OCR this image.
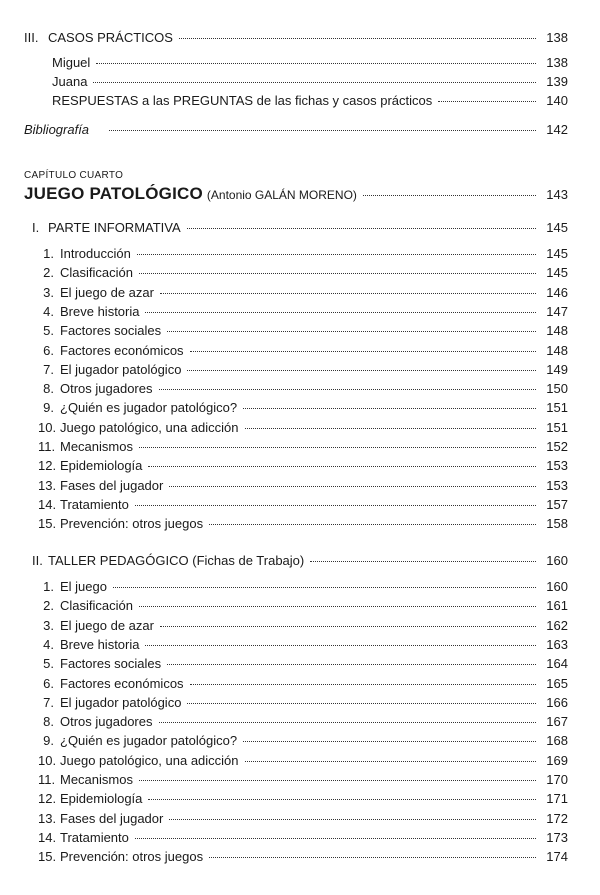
III. CASOS PRÁCTICOS	138
Miguel	138
Juana	139
RESPUESTAS a las PREGUNTAS de las fichas y casos prácticos	140
Bibliografía	142
CAPÍTULO CUARTO
JUEGO PATOLÓGICO (Antonio GALÁN MORENO)	143
I. PARTE INFORMATIVA	145
1. Introducción	145
2. Clasificación	145
3. El juego de azar	146
4. Breve historia	147
5. Factores sociales	148
6. Factores económicos	148
7. El jugador patológico	149
8. Otros jugadores	150
9. ¿Quién es jugador patológico?	151
10. Juego patológico, una adicción	151
11. Mecanismos	152
12. Epidemiología	153
13. Fases del jugador	153
14. Tratamiento	157
15. Prevención: otros juegos	158
II. TALLER PEDAGÓGICO (Fichas de Trabajo)	160
1. El juego	160
2. Clasificación	161
3. El juego de azar	162
4. Breve historia	163
5. Factores sociales	164
6. Factores económicos	165
7. El jugador patológico	166
8. Otros jugadores	167
9. ¿Quién es jugador patológico?	168
10. Juego patológico, una adicción	169
11. Mecanismos	170
12. Epidemiología	171
13. Fases del jugador	172
14. Tratamiento	173
15. Prevención: otros juegos	174
